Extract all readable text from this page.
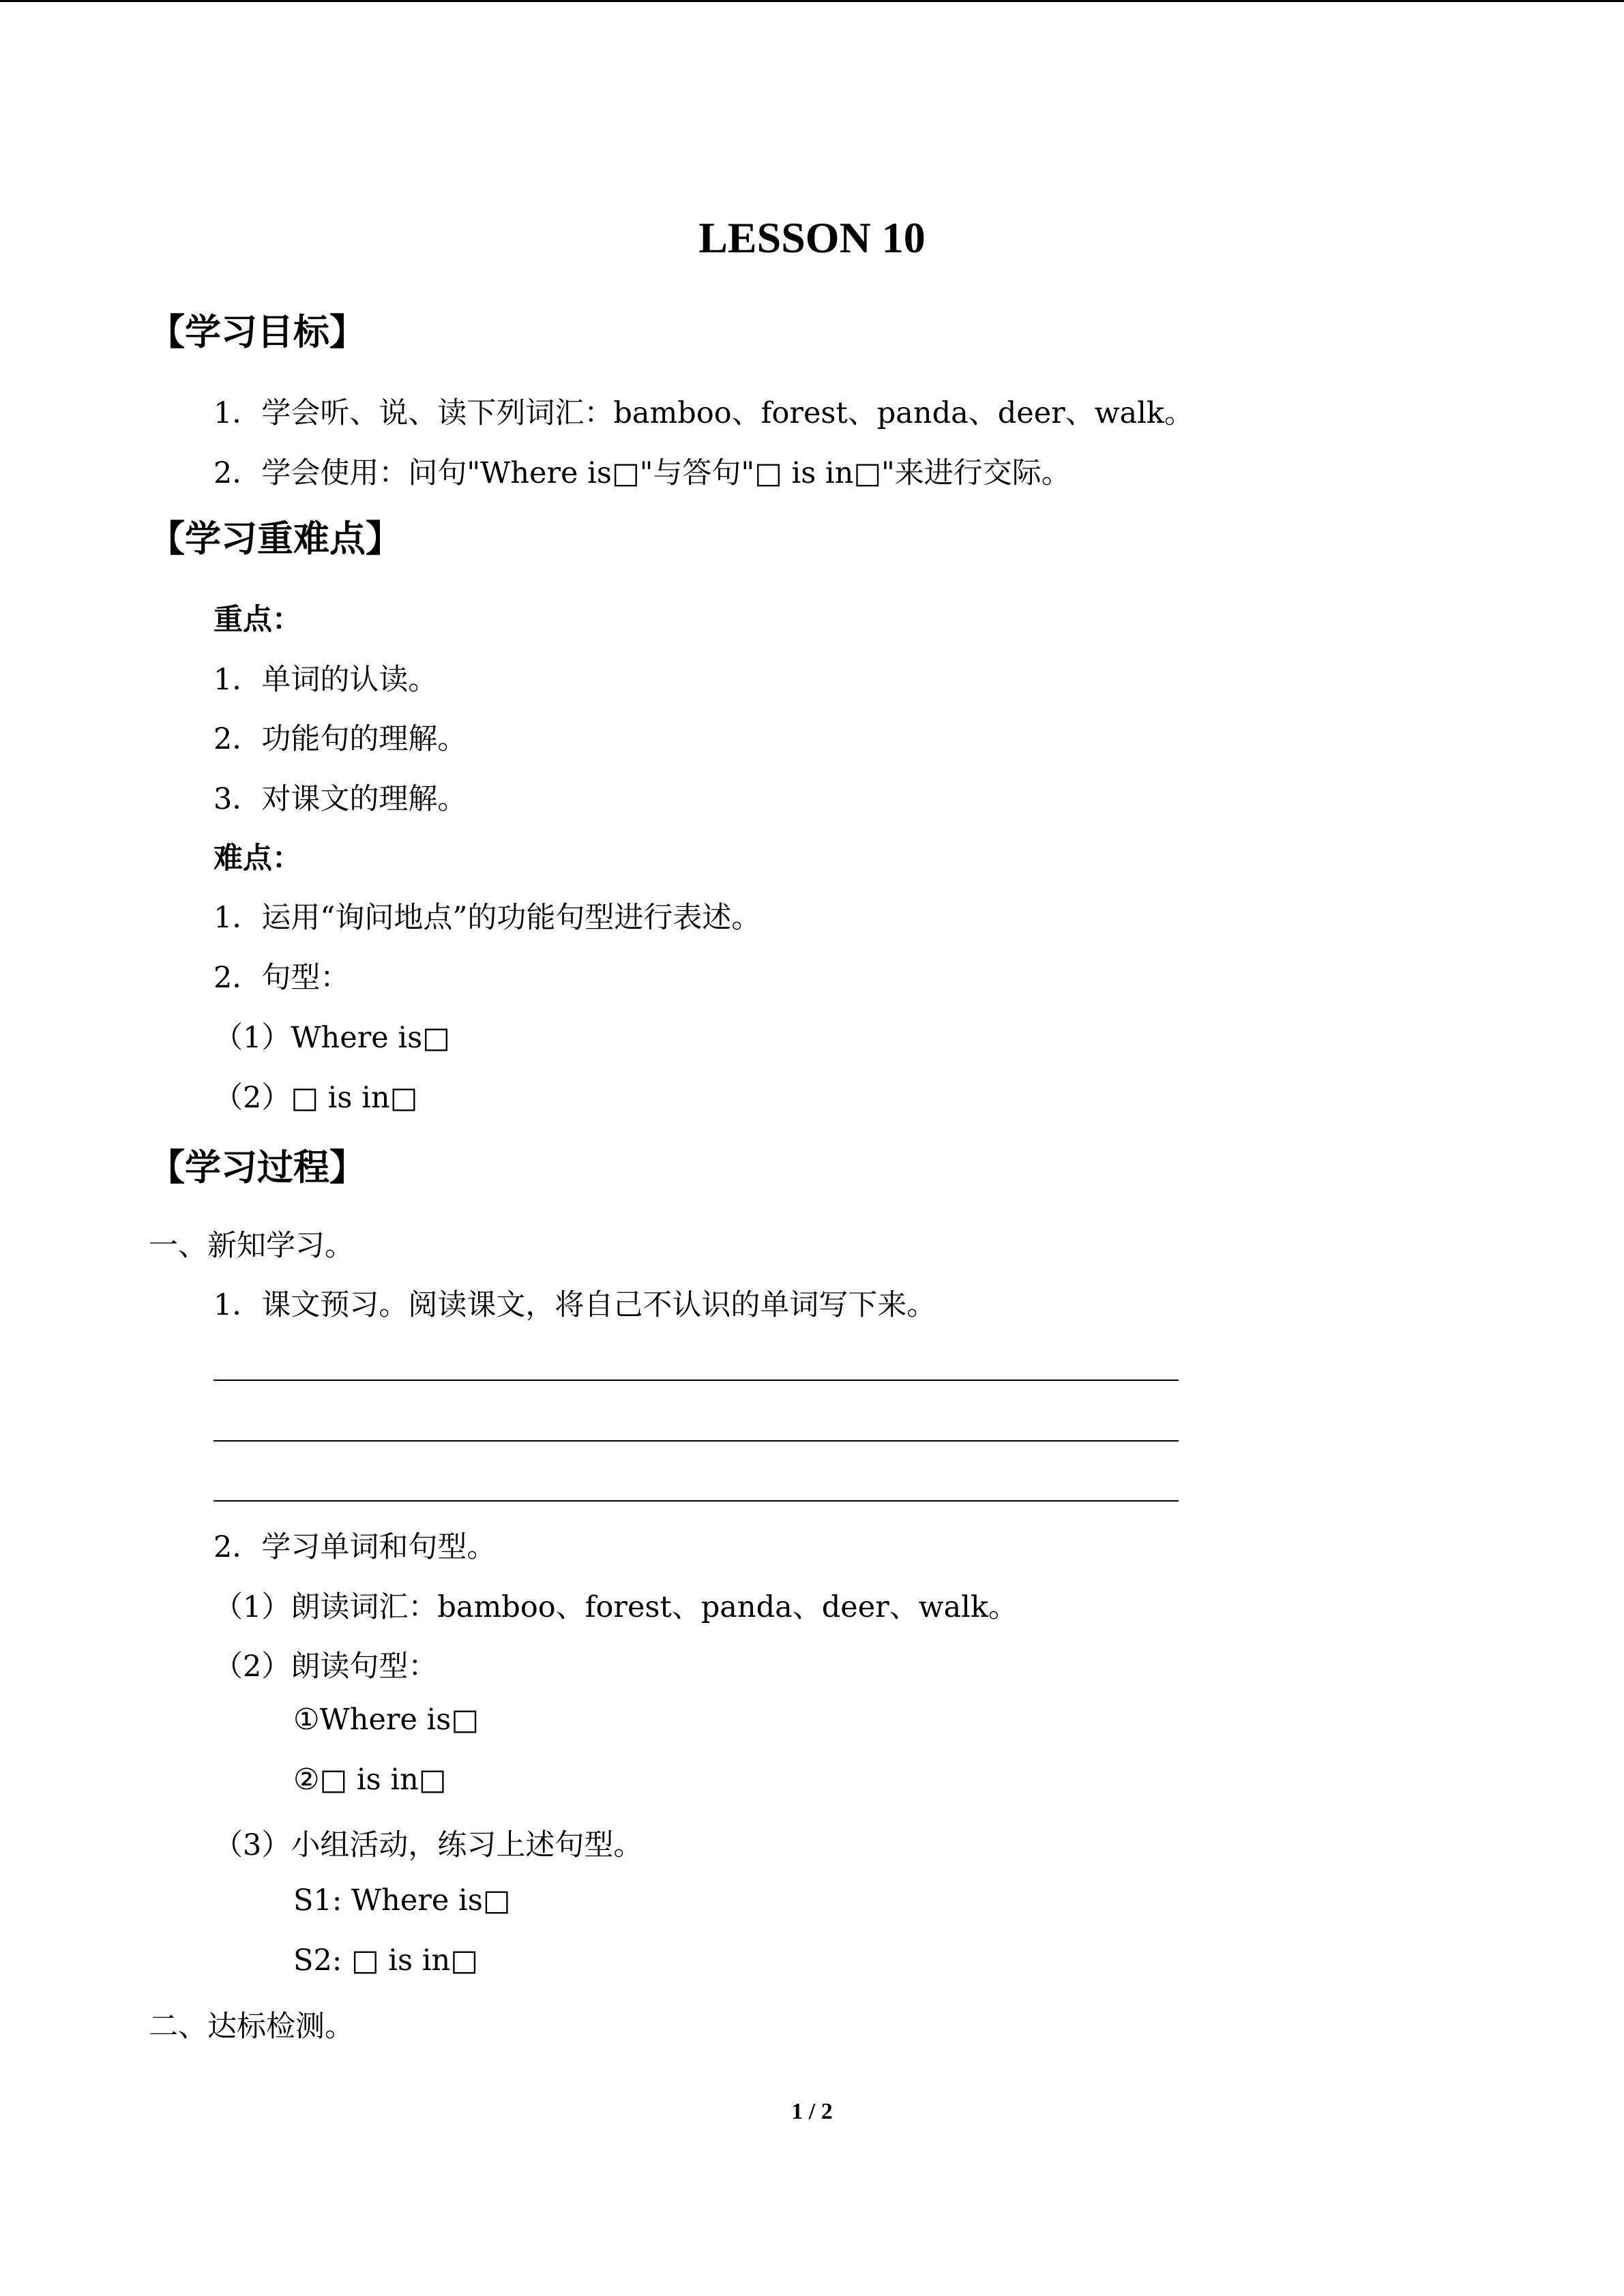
LESSON 10
【学习目标】
1．学会听、说、读下列词汇：bamboo、forest、panda、deer、walk。
2．学会使用：问句"Where is□"与答句"□ is in□"来进行交际。
【学习重难点】
重点：
1．单词的认读。
2．功能句的理解。
3．对课文的理解。
难点：
1．运用“询问地点”的功能句型进行表述。
2．句型：
（1）Where is□
（2）□ is in□
【学习过程】
一、新知学习。
1．课文预习。阅读课文，将自己不认识的单词写下来。
2．学习单词和句型。
（1）朗读词汇：bamboo、forest、panda、deer、walk。
（2）朗读句型：
①Where is□
②□ is in□
（3）小组活动，练习上述句型。
S1: Where is□
S2: □ is in□
二、达标检测。
1 / 2
